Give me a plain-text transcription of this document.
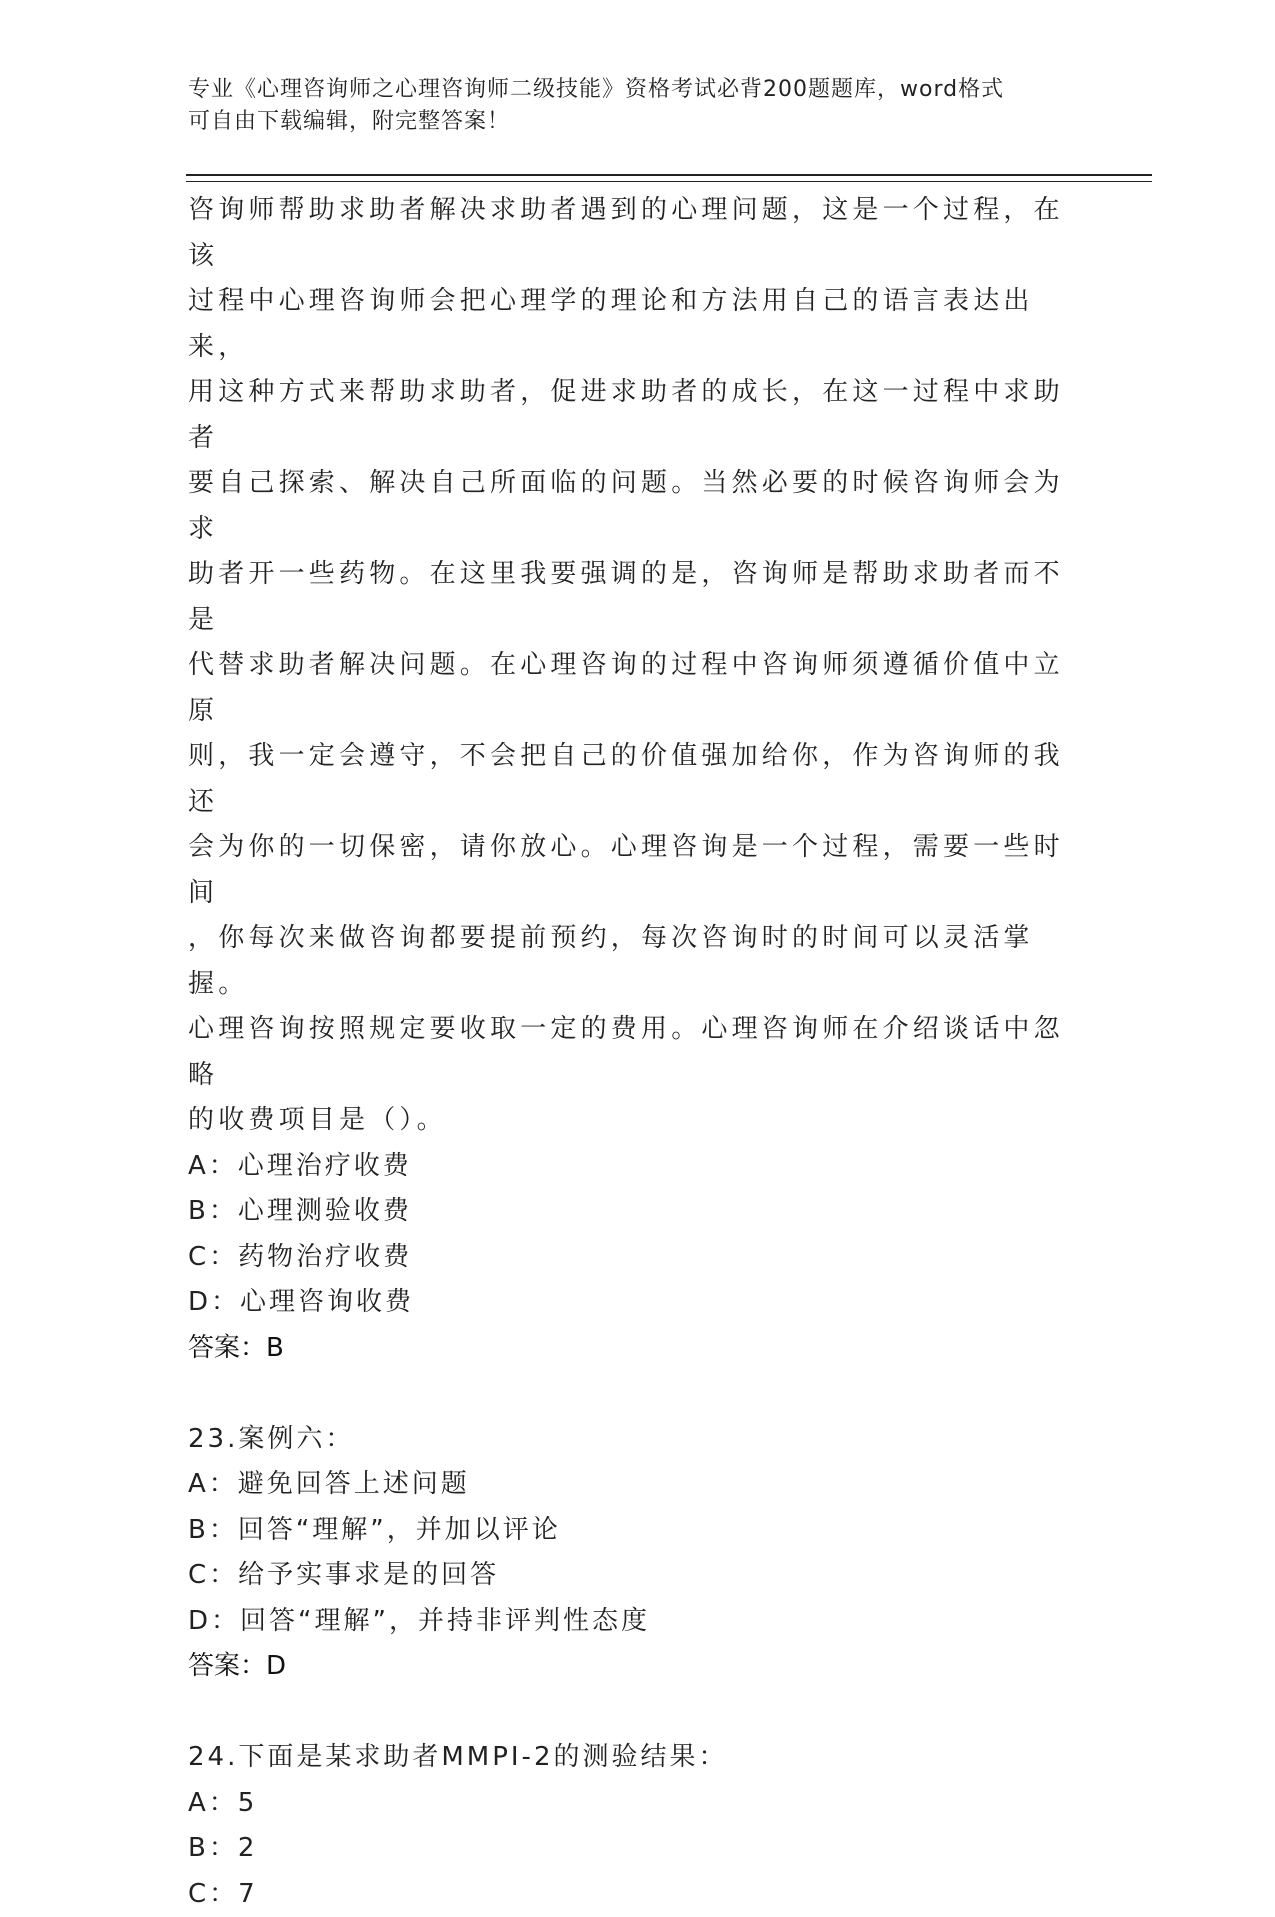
专业《心理咨询师之心理咨询师二级技能》资格考试必背200题题库，word格式
可自由下载编辑，附完整答案！
咨询师帮助求助者解决求助者遇到的心理问题，这是一个过程，在该
过程中心理咨询师会把心理学的理论和方法用自己的语言表达出来，
用这种方式来帮助求助者，促进求助者的成长，在这一过程中求助者
要自己探索、解决自己所面临的问题。当然必要的时候咨询师会为求
助者开一些药物。在这里我要强调的是，咨询师是帮助求助者而不是
代替求助者解决问题。在心理咨询的过程中咨询师须遵循价值中立原
则，我一定会遵守，不会把自己的价值强加给你，作为咨询师的我还
会为你的一切保密，请你放心。心理咨询是一个过程，需要一些时间
，你每次来做咨询都要提前预约，每次咨询时的时间可以灵活掌握。
心理咨询按照规定要收取一定的费用。心理咨询师在介绍谈话中忽略
的收费项目是（）。
A：心理治疗收费
B：心理测验收费
C：药物治疗收费
D：心理咨询收费
答案：B
23.案例六：
A：避免回答上述问题
B：回答“理解”，并加以评论
C：给予实事求是的回答
D：回答“理解”，并持非评判性态度
答案：D
24.下面是某求助者MMPI-2的测验结果：
A：5
B：2
C：7
